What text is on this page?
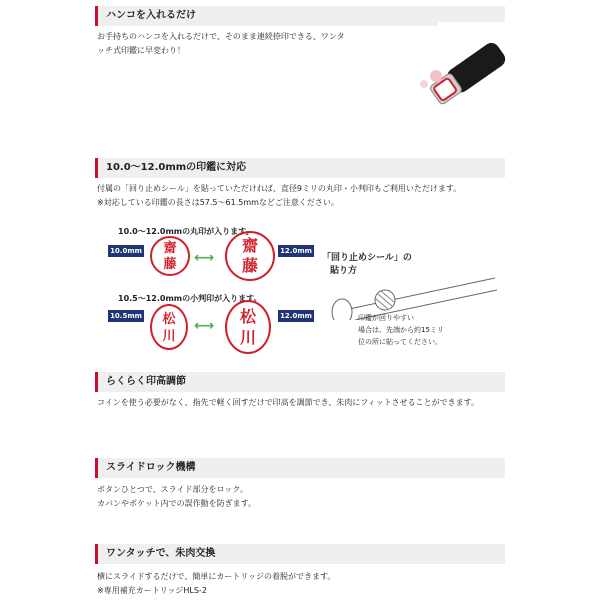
ハンコを入れるだけ
お手持ちのハンコを入れるだけで、そのまま連続捺印できる、ワンタ
ッチ式印鑑に早変わり！
10.0～12.0mmの印鑑に対応
付属の「回り止めシール」を貼っていただければ、直径9ミリの丸印・小判印もご利用いただけます。
※対応している印鑑の長さは57.5～61.5mmなどご注意ください。
10.0～12.0mmの丸印が入ります。
10.0mm	齋
藤	⟷
齋
藤
12.0mm
10.5～12.0mmの小判印が入ります。
10.5mm	松
川
⟷	松
川
12.0mm
「回り止めシール」の
貼り方
印鑑が回りやすい
場合は、先端から約15ミリ
位の所に貼ってください。
らくらく印高調節
コインを使う必要がなく、指先で軽く回すだけで印高を調節でき、朱肉にフィットさせることができます。
スライドロック機構
ボタンひとつで、スライド部分をロック。
カバンやポケット内での誤作動を防ぎます。
ワンタッチで、朱肉交換
横にスライドするだけで、簡単にカートリッジの着脱ができます。
※専用補充カートリッジHLS-2
